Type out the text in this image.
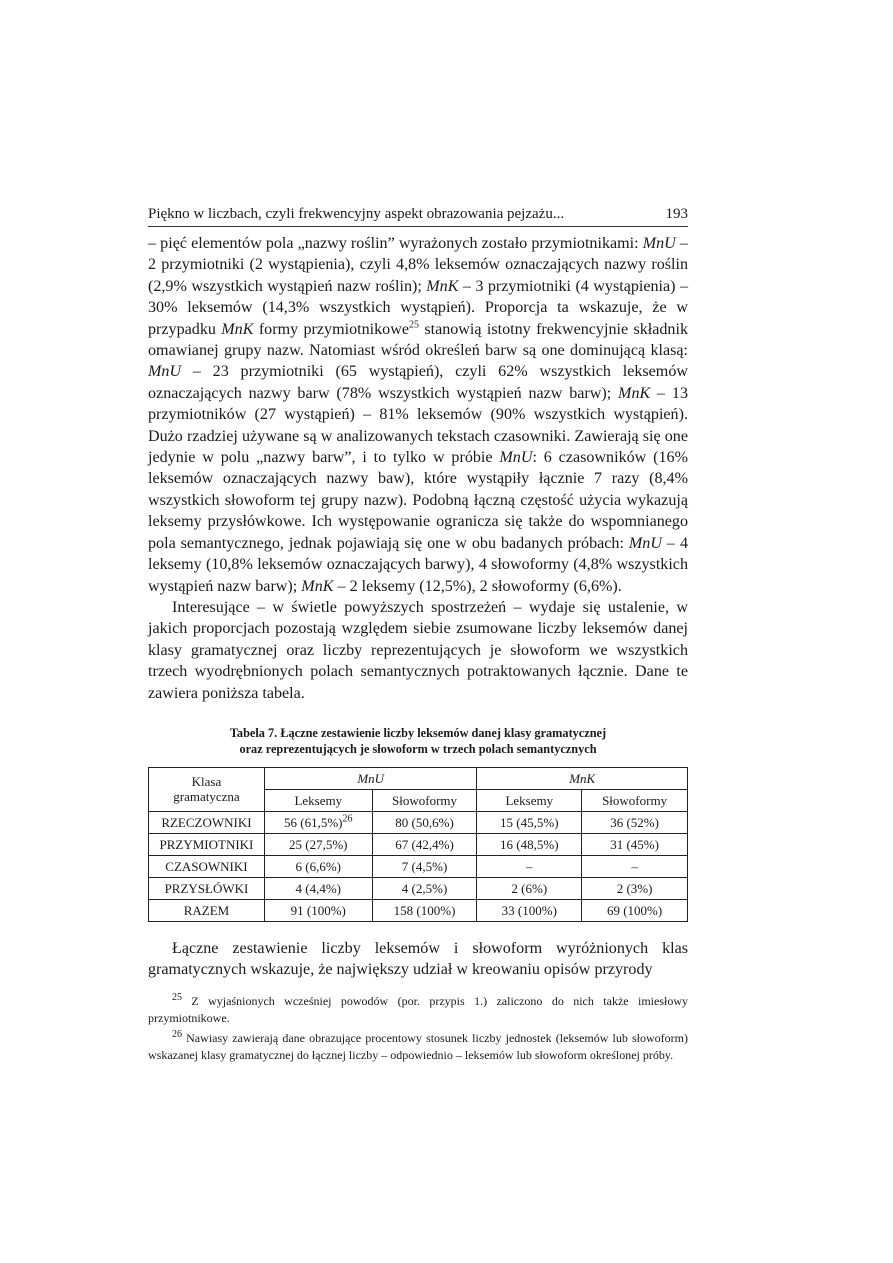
Piękno w liczbach, czyli frekwencyjny aspekt obrazowania pejzażu...	193

– pięć elementów pola „nazwy roślin” wyrażonych zostało przymiotnikami: MnU – 2 przymiotniki (2 wystąpienia), czyli 4,8% leksemów oznaczających nazwy roślin (2,9% wszystkich wystąpień nazw roślin); MnK – 3 przymiotniki (4 wystąpienia) – 30% leksemów (14,3% wszystkich wystąpień). Proporcja ta wskazuje, że w przypadku MnK formy przymiotnikowe$^{25}$ stanowią istotny frekwencyjnie składnik omawianej grupy nazw. Natomiast wśród określeń barw są one dominującą klasą: MnU – 23 przymiotniki (65 wystąpień), czyli 62% wszystkich leksemów oznaczających nazwy barw (78% wszystkich wystąpień nazw barw); MnK – 13 przymiotników (27 wystąpień) – 81% leksemów (90% wszystkich wystąpień). Dużo rzadziej używane są w analizowanych tekstach czasowniki. Zawierają się one jedynie w polu „nazwy barw”, i to tylko w próbie MnU: 6 czasowników (16% leksemów oznaczających nazwy baw), które wystąpiły łącznie 7 razy (8,4% wszystkich słowoform tej grupy nazw). Podobną łączną częstość użycia wykazują leksemy przysłówkowe. Ich występowanie ogranicza się także do wspomnianego pola semantycznego, jednak pojawiają się one w obu badanych próbach: MnU – 4 leksemy (10,8% leksemów oznaczających barwy), 4 słowoformy (4,8% wszystkich wystąpień nazw barw); MnK – 2 leksemy (12,5%), 2 słowoformy (6,6%).

Interesujące – w świetle powyższych spostrzeżeń – wydaje się ustalenie, w jakich proporcjach pozostają względem siebie zsumowane liczby leksemów danej klasy gramatycznej oraz liczby reprezentujących je słowoform we wszystkich trzech wyodrębnionych polach semantycznych potraktowanych łącznie. Dane te zawiera poniższa tabela.

Tabela 7. Łączne zestawienie liczby leksemów danej klasy gramatycznej
oraz reprezentujących je słowoform w trzech polach semantycznych
Klasa
gramatyczna	MnU		MnK	
	Leksemy	Słowoformy	Leksemy	Słowoformy
RZECZOWNIKI	56 $(61,5\%)^{26}$	80 (50,6%)	15 (45,5%)	36 (52%)
PRZYMIOTNIKI	25 (27,5%)	67 (42,4%)	16 (48,5%)	31 (45%)
CZASOWNIKI	6 (6,6%)	7 (4,5%)	–	–
PRZYSŁÓWKI	4 (4,4%)	4 (2,5%)	2 (6%)	2 (3%)
RAZEM	91 (100%)	158 (100%)	33 (100%)	69 (100%)

Łączne zestawienie liczby leksemów i słowoform wyróżnionych klas gramatycznych wskazuje, że największy udział w kreowaniu opisów przyrody

$^{25}$ Z wyjaśnionych wcześniej powodów (por. przypis 1.) zaliczono do nich także imiesłowy przymiotnikowe.

$^{26}$ Nawiasy zawierają dane obrazujące procentowy stosunek liczby jednostek (leksemów lub słowoform) wskazanej klasy gramatycznej do łącznej liczby – odpowiednio – leksemów lub słowoform określonej próby.
